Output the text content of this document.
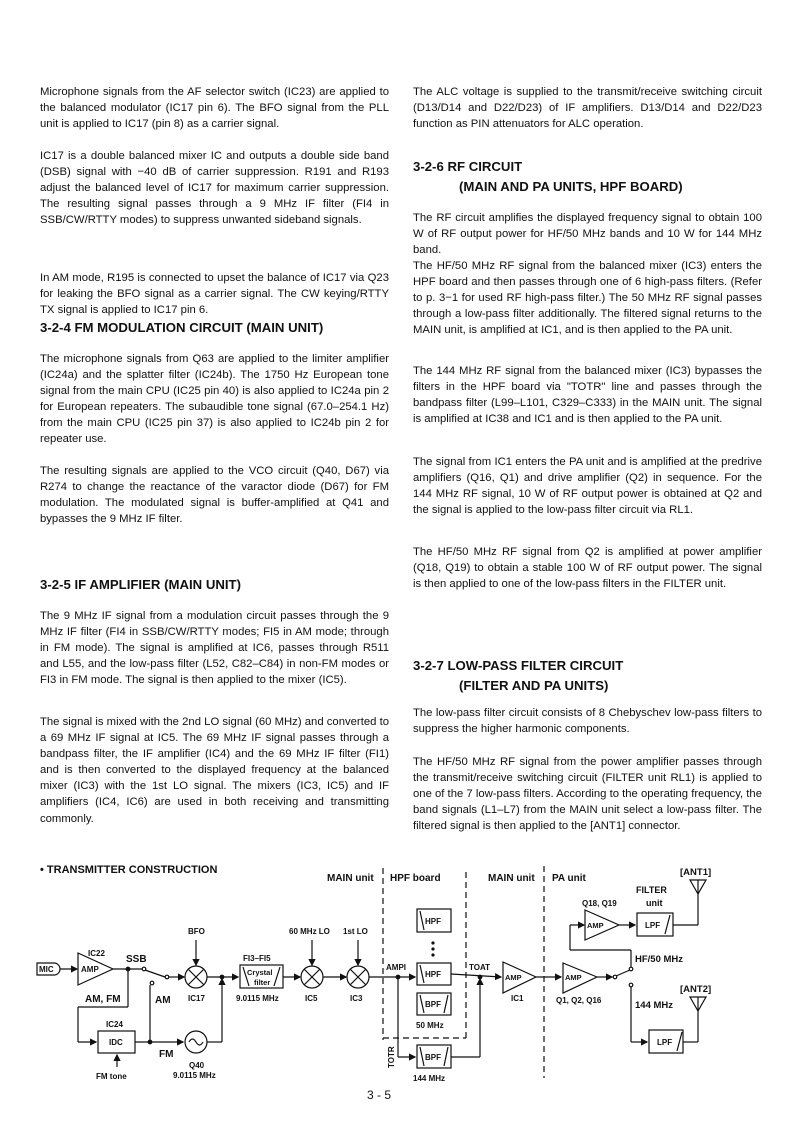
Microphone signals from the AF selector switch (IC23) are applied to the balanced modulator (IC17 pin 6). The BFO signal from the PLL unit is applied to IC17 (pin 8) as a carrier signal.

IC17 is a double balanced mixer IC and outputs a double side band (DSB) signal with −40 dB of carrier suppression. R191 and R193 adjust the balanced level of IC17 for maximum carrier suppression. The resulting signal passes through a 9 MHz IF filter (FI4 in SSB/CW/RTTY modes) to suppress unwanted sideband signals.

In AM mode, R195 is connected to upset the balance of IC17 via Q23 for leaking the BFO signal as a carrier signal. The CW keying/RTTY TX signal is applied to IC17 pin 6.

3-2-4 FM MODULATION CIRCUIT (MAIN UNIT)

The microphone signals from Q63 are applied to the limiter amplifier (IC24a) and the splatter filter (IC24b). The 1750 Hz European tone signal from the main CPU (IC25 pin 40) is also applied to IC24a pin 2 for European repeaters. The subaudible tone signal (67.0–254.1 Hz) from the main CPU (IC25 pin 37) is also applied to IC24b pin 2 for repeater use.

The resulting signals are applied to the VCO circuit (Q40, D67) via R274 to change the reactance of the varactor diode (D67) for FM modulation. The modulated signal is buffer-amplified at Q41 and bypasses the 9 MHz IF filter.

3-2-5 IF AMPLIFIER (MAIN UNIT)

The 9 MHz IF signal from a modulation circuit passes through the 9 MHz IF filter (FI4 in SSB/CW/RTTY modes; FI5 in AM mode; through in FM mode). The signal is amplified at IC6, passes through R511 and L55, and the low-pass filter (L52, C82–C84) in non-FM modes or FI3 in FM mode. The signal is then applied to the mixer (IC5).

The signal is mixed with the 2nd LO signal (60 MHz) and converted to a 69 MHz IF signal at IC5. The 69 MHz IF signal passes through a bandpass filter, the IF amplifier (IC4) and the 69 MHz IF filter (FI1) and is then converted to the displayed frequency at the balanced mixer (IC3) with the 1st LO signal. The mixers (IC3, IC5) and IF amplifiers (IC4, IC6) are used in both receiving and transmitting commonly.

The ALC voltage is supplied to the transmit/receive switching circuit (D13/D14 and D22/D23) of IF amplifiers. D13/D14 and D22/D23 function as PIN attenuators for ALC operation.

3-2-6 RF CIRCUIT
(MAIN AND PA UNITS, HPF BOARD)

The RF circuit amplifies the displayed frequency signal to obtain 100 W of RF output power for HF/50 MHz bands and 10 W for 144 MHz band.

The HF/50 MHz RF signal from the balanced mixer (IC3) enters the HPF board and then passes through one of 6 high-pass filters. (Refer to p. 3−1 for used RF high-pass filter.) The 50 MHz RF signal passes through a low-pass filter additionally. The filtered signal returns to the MAIN unit, is amplified at IC1, and is then applied to the PA unit.

The 144 MHz RF signal from the balanced mixer (IC3) bypasses the filters in the HPF board via "TOTR" line and passes through the bandpass filter (L99–L101, C329–C333) in the MAIN unit. The signal is amplified at IC38 and IC1 and is then applied to the PA unit.

The signal from IC1 enters the PA unit and is amplified at the predrive amplifiers (Q16, Q1) and drive amplifier (Q2) in sequence. For the 144 MHz RF signal, 10 W of RF output power is obtained at Q2 and the signal is applied to the low-pass filter circuit via RL1.

The HF/50 MHz RF signal from Q2 is amplified at power amplifier (Q18, Q19) to obtain a stable 100 W of RF output power. The signal is then applied to one of the low-pass filters in the FILTER unit.

3-2-7 LOW-PASS FILTER CIRCUIT
(FILTER AND PA UNITS)

The low-pass filter circuit consists of 8 Chebyschev low-pass filters to suppress the higher harmonic components.

The HF/50 MHz RF signal from the power amplifier passes through the transmit/receive switching circuit (FILTER unit RL1) is applied to one of the 7 low-pass filters. According to the operating frequency, the band signals (L1–L7) from the MAIN unit select a low-pass filter. The filtered signal is then applied to the [ANT1] connector.

• TRANSMITTER CONSTRUCTION
MAIN unit HPF board	MAIN unit PA unit
MIC
IC22
AMP
SSB
AM, FM	AM
FM
BFO
IC17
IC24
IDC
FM tone
Q40
9.0115 MHz
FI3–FI5
Crystal
filter
9.0115 MHz
60 MHz LO 1st LO
IC5	IC3
AMPI
TOTR
HPF
HPF
BPF
50 MHz
BPF
144 MHz
TOAT
AMP
IC1
AMP
Q1, Q2, Q16
Q18, Q19
AMP
FILTER
unit
LPF
HF/50 MHz
144 MHz
LPF
[ANT1]
[ANT2]
3 - 5
